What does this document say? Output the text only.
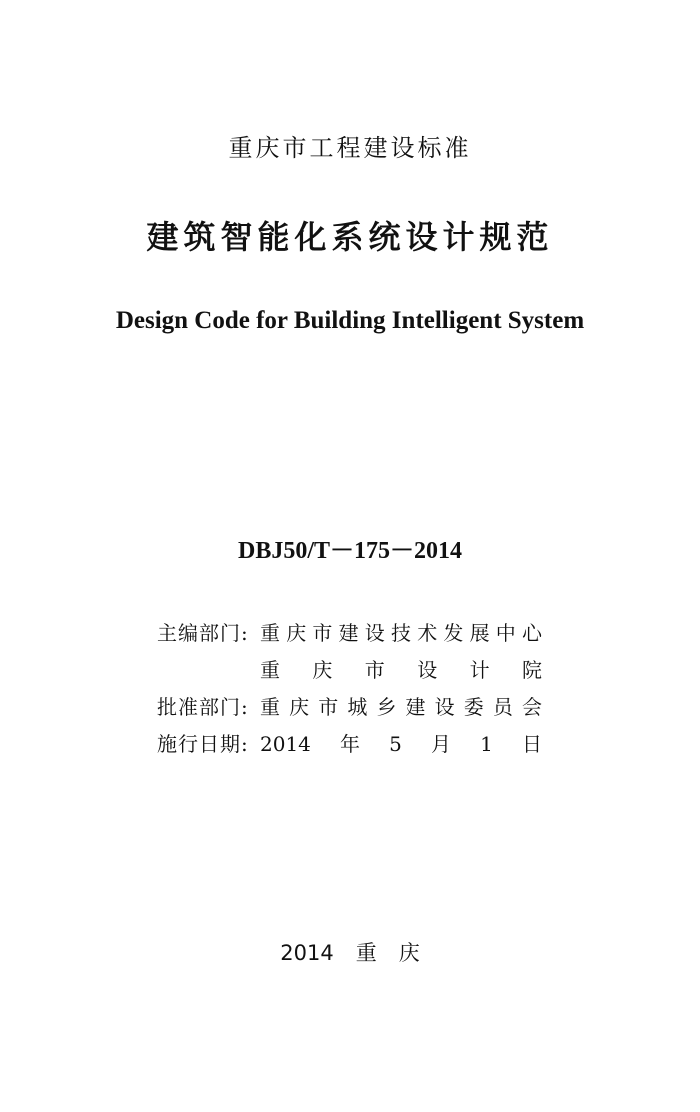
重庆市工程建设标准
建筑智能化系统设计规范
Design Code for Building Intelligent System
DBJ50/T－175－2014
主编部门: 重庆市建设技术发展中心
重庆市设计院
批准部门: 重庆市城乡建设委员会
施行日期: 2014年5月1日
2014 重庆
